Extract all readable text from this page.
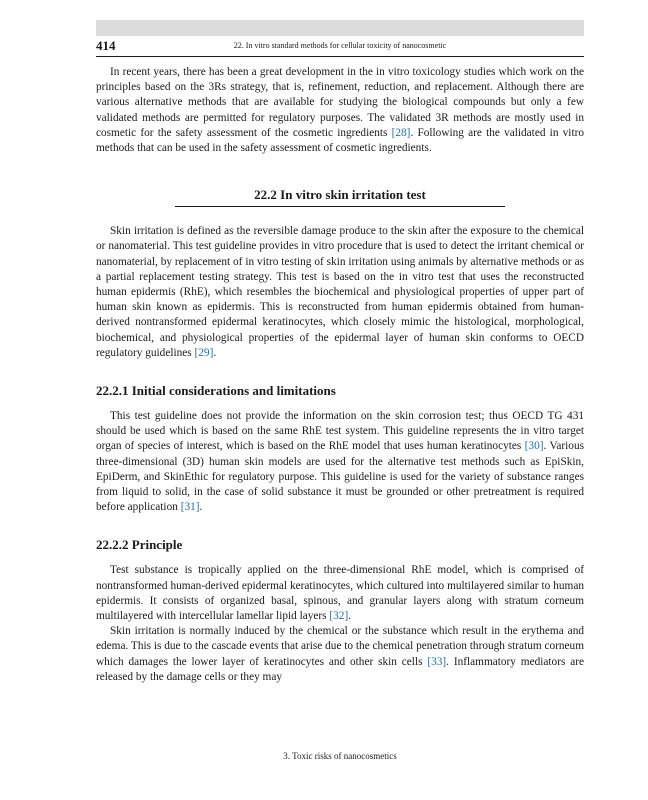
414	22. In vitro standard methods for cellular toxicity of nanocosmetic

In recent years, there has been a great development in the in vitro toxicology studies which work on the principles based on the 3Rs strategy, that is, refinement, reduction, and replacement. Although there are various alternative methods that are available for studying the biological compounds but only a few validated methods are permitted for regulatory purposes. The validated 3R methods are mostly used in cosmetic for the safety assessment of the cosmetic ingredients [28]. Following are the validated in vitro methods that can be used in the safety assessment of cosmetic ingredients.

22.2 In vitro skin irritation test

Skin irritation is defined as the reversible damage produce to the skin after the exposure to the chemical or nanomaterial. This test guideline provides in vitro procedure that is used to detect the irritant chemical or nanomaterial, by replacement of in vitro testing of skin irritation using animals by alternative methods or as a partial replacement testing strategy. This test is based on the in vitro test that uses the reconstructed human epidermis (RhE), which resembles the biochemical and physiological properties of upper part of human skin known as epidermis. This is reconstructed from human epidermis obtained from human-derived nontransformed epidermal keratinocytes, which closely mimic the histological, morphological, biochemical, and physiological properties of the epidermal layer of human skin conforms to OECD regulatory guidelines [29].

22.2.1 Initial considerations and limitations

This test guideline does not provide the information on the skin corrosion test; thus OECD TG 431 should be used which is based on the same RhE test system. This guideline represents the in vitro target organ of species of interest, which is based on the RhE model that uses human keratinocytes [30]. Various three-dimensional (3D) human skin models are used for the alternative test methods such as EpiSkin, EpiDerm, and SkinEthic for regulatory purpose. This guideline is used for the variety of substance ranges from liquid to solid, in the case of solid substance it must be grounded or other pretreatment is required before application [31].

22.2.2 Principle

Test substance is tropically applied on the three-dimensional RhE model, which is comprised of nontransformed human-derived epidermal keratinocytes, which cultured into multilayered similar to human epidermis. It consists of organized basal, spinous, and granular layers along with stratum corneum multilayered with intercellular lamellar lipid layers [32].

Skin irritation is normally induced by the chemical or the substance which result in the erythema and edema. This is due to the cascade events that arise due to the chemical penetration through stratum corneum which damages the lower layer of keratinocytes and other skin cells [33]. Inflammatory mediators are released by the damage cells or they may

3. Toxic risks of nanocosmetics
